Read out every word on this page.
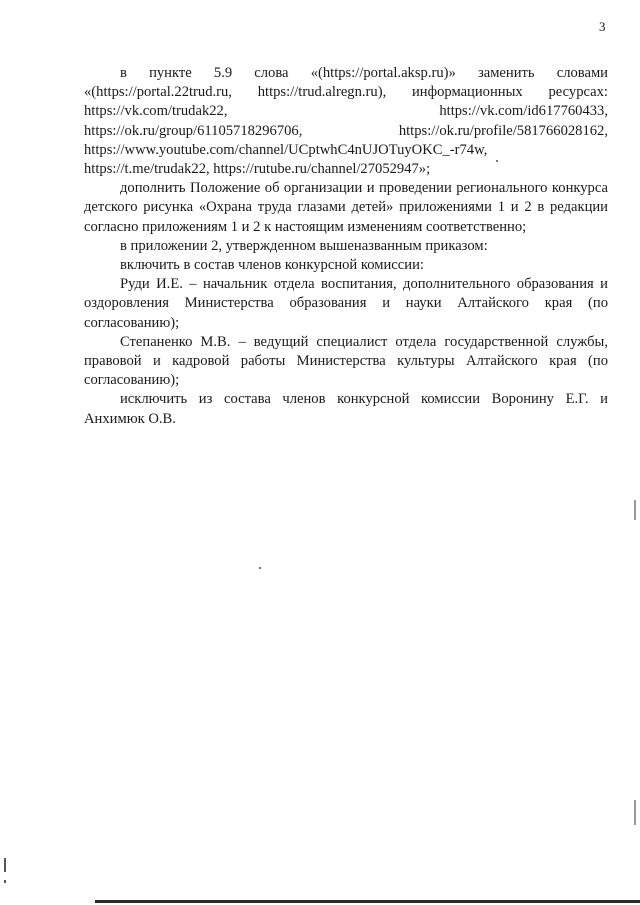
3
в пункте 5.9 слова «(https://portal.aksp.ru)» заменить словами
«(https://portal.22trud.ru, https://trud.alregn.ru), информационных ресурсах:
https://vk.com/trudak22,	https://vk.com/id617760433,
https://ok.ru/group/61105718296706,	https://ok.ru/profile/581766028162,
https://www.youtube.com/channel/UCptwhC4nUJOTuyOKC_-r74w,
https://t.me/trudak22, https://rutube.ru/channel/27052947»;

дополнить Положение об организации и проведении регионального конкурса детского рисунка «Охрана труда глазами детей» приложениями 1 и 2 в редакции согласно приложениям 1 и 2 к настоящим изменениям соответственно;

в приложении 2, утвержденном вышеназванным приказом:

включить в состав членов конкурсной комиссии:

Руди И.Е. – начальник отдела воспитания, дополнительного образования и оздоровления Министерства образования и науки Алтайского края (по согласованию);

Степаненко М.В. – ведущий специалист отдела государственной службы, правовой и кадровой работы Министерства культуры Алтайского края (по согласованию);

исключить из состава членов конкурсной комиссии Воронину Е.Г. и Анхимюк О.В.
